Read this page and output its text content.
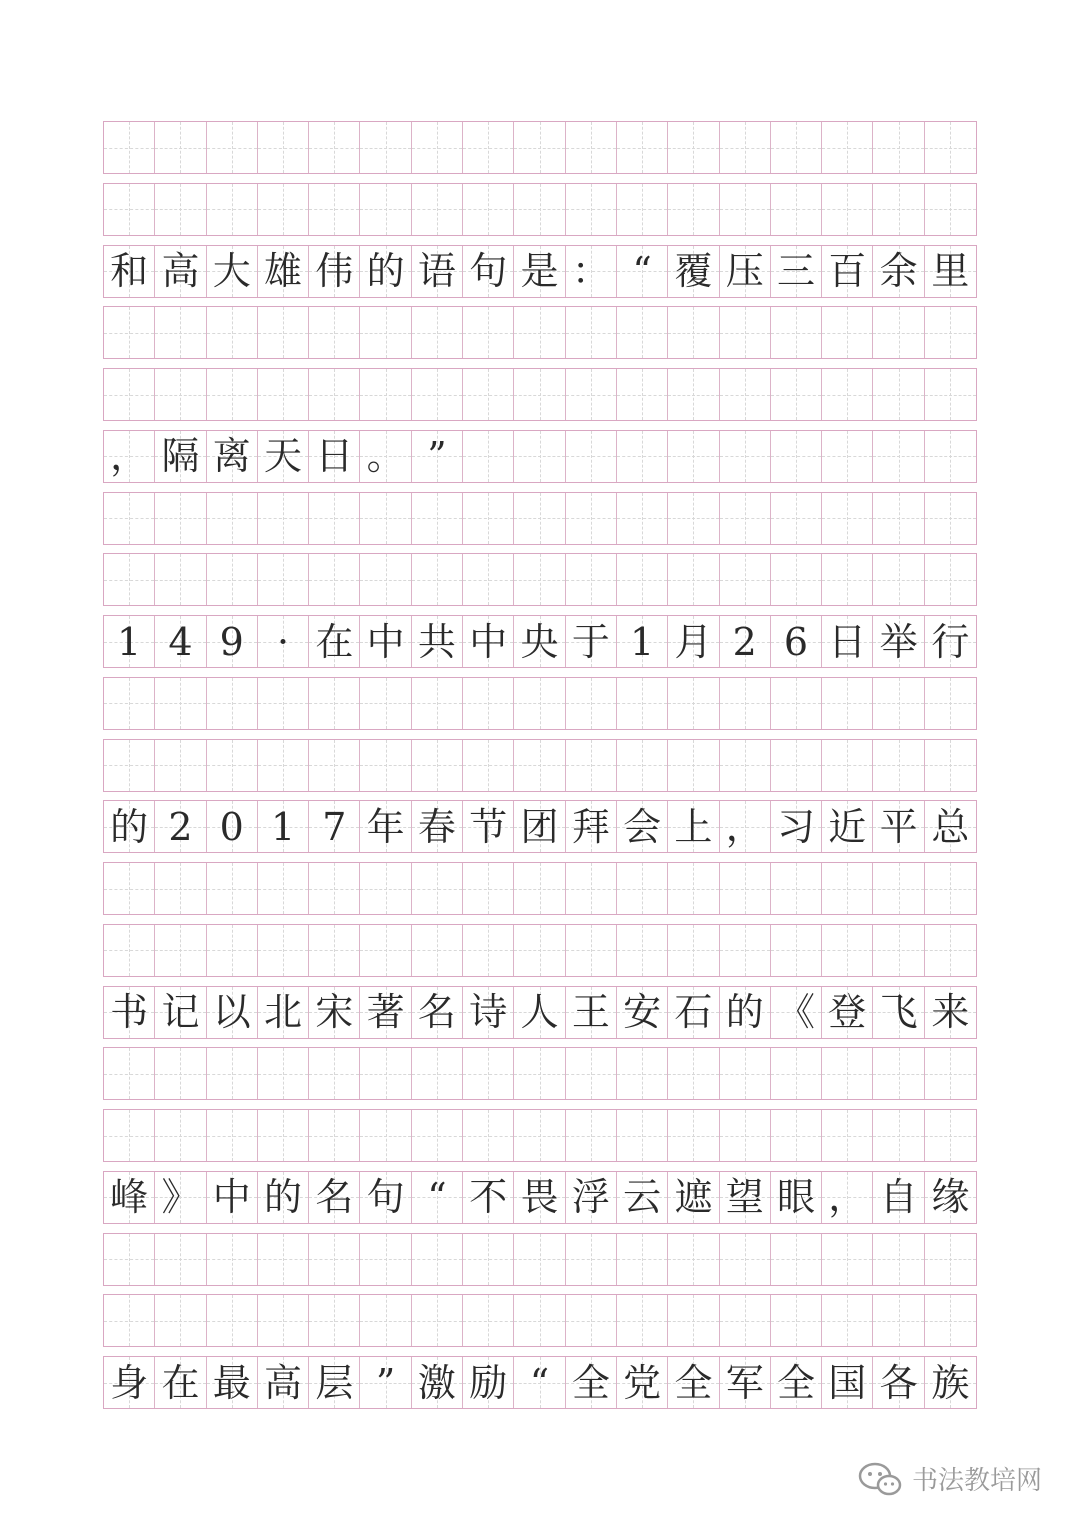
和 高 大 雄 伟 的 语 句 是 ： “ 覆 压 三 百 余 里
， 隔 离 天 日 。 ”
1 4 9 · 在 中 共 中 央 于 1 月 2 6 日 举 行
的 2 0 1 7 年 春 节 团 拜 会 上 ， 习 近 平 总
书 记 以 北 宋 著 名 诗 人 王 安 石 的 《 登 飞 来
峰 》 中 的 名 句 “ 不 畏 浮 云 遮 望 眼 ， 自 缘
身 在 最 高 层 ” 激 励 “ 全 党 全 军 全 国 各 族
书法教培网
